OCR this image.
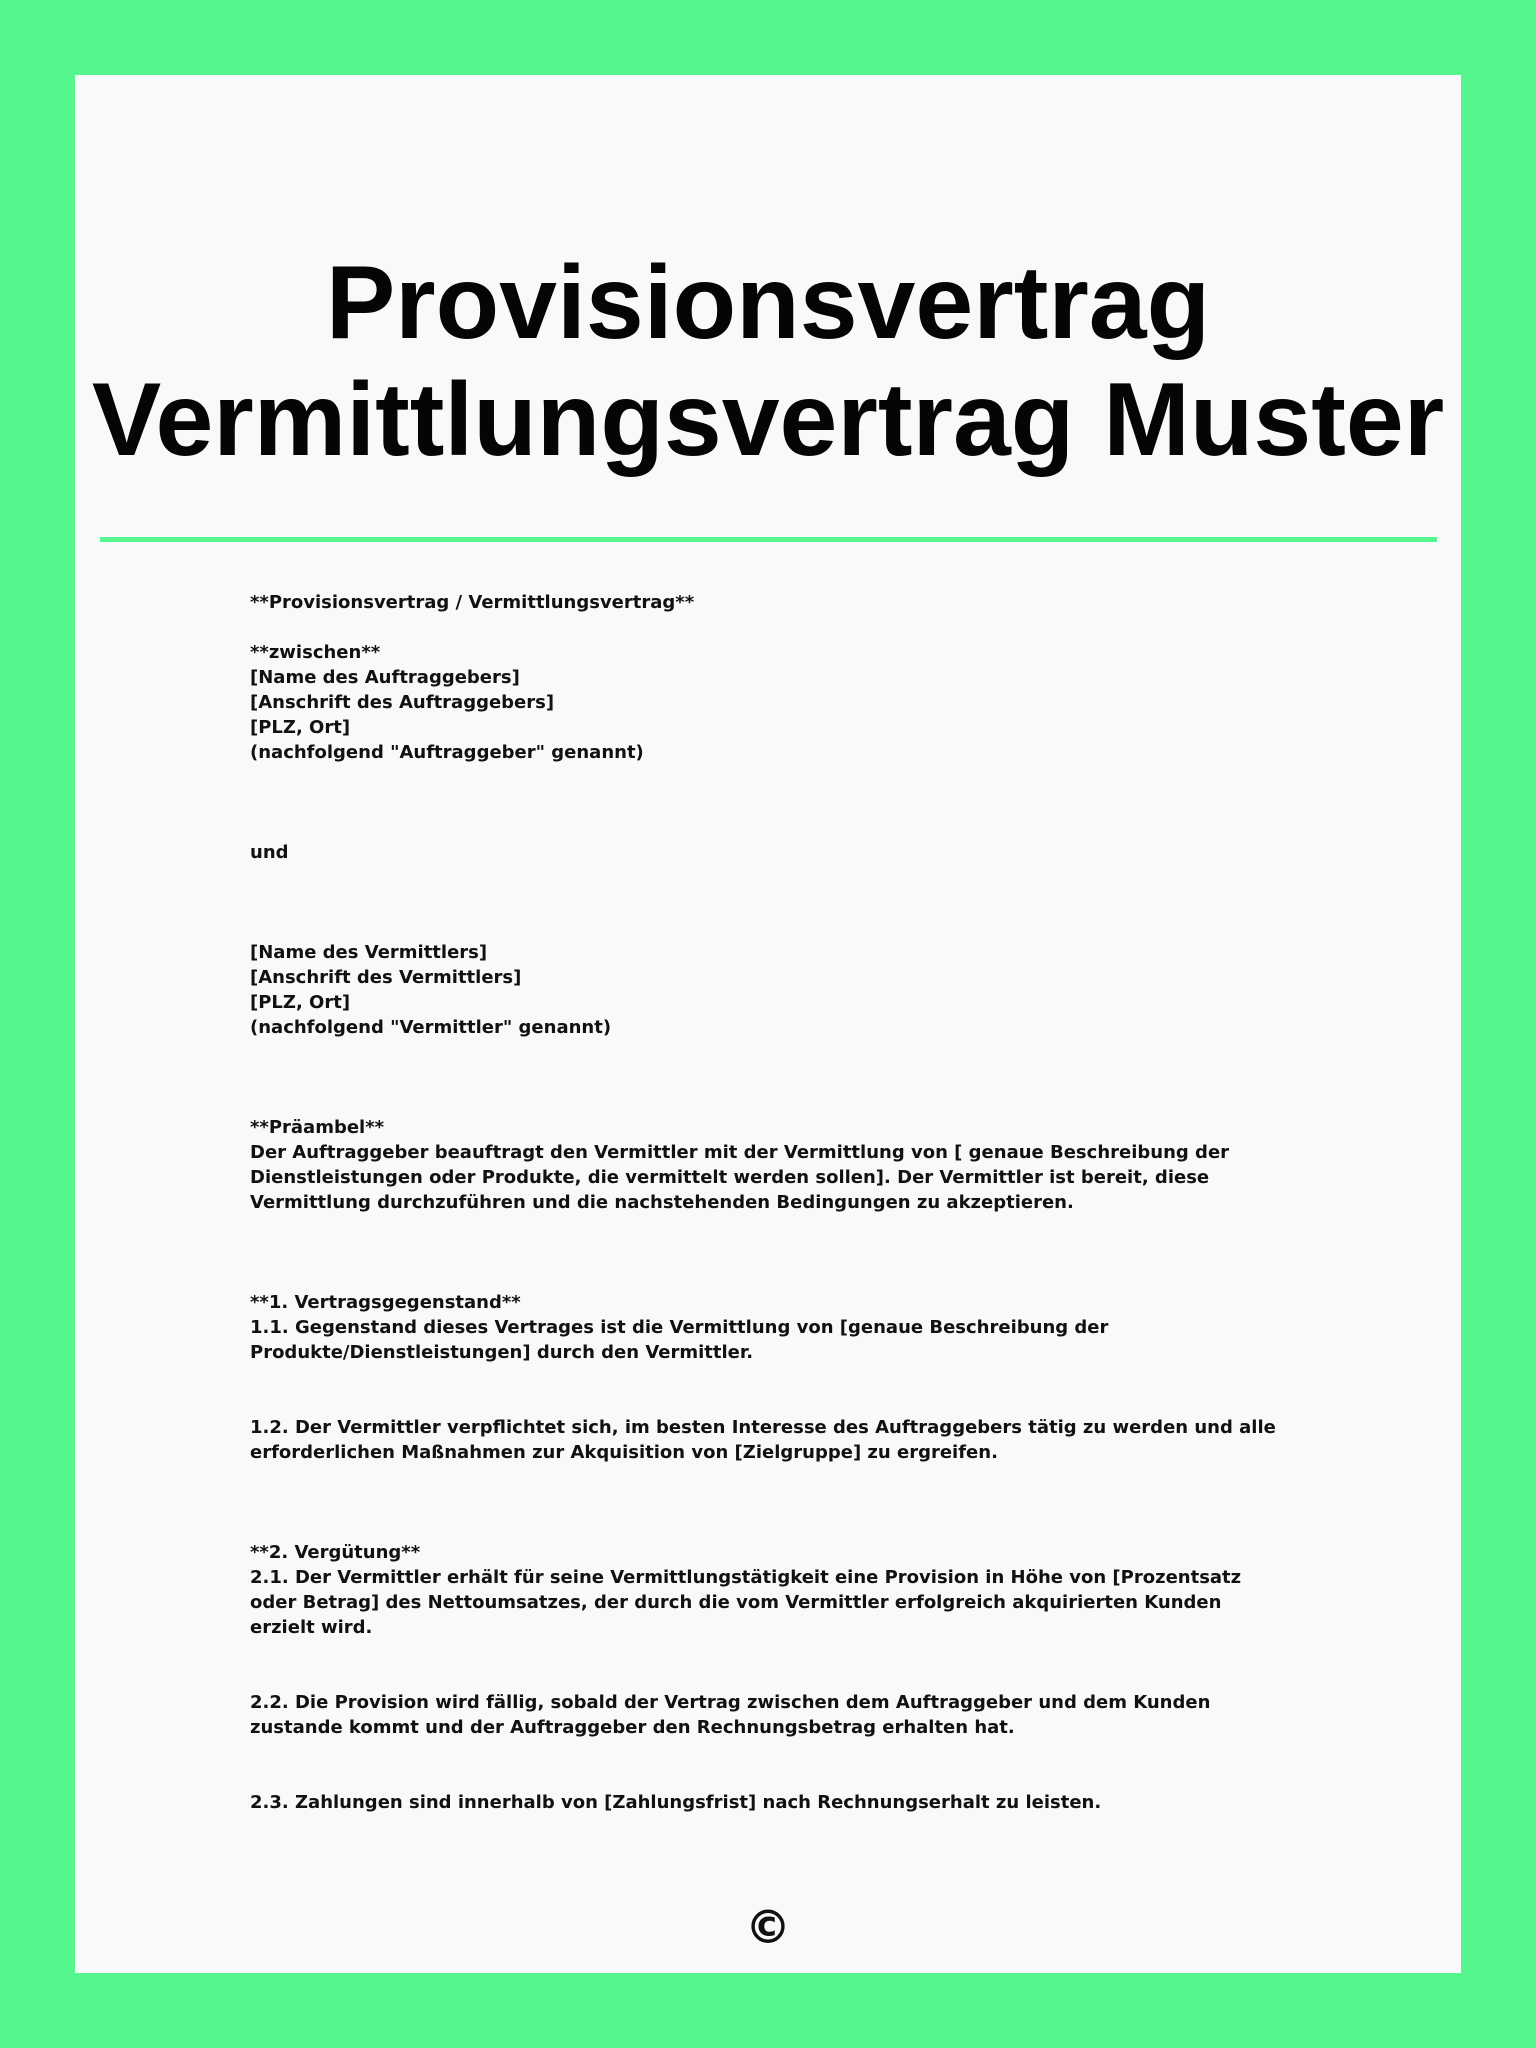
Provisionsvertrag
Vermittlungsvertrag Muster

**Provisionsvertrag / Vermittlungsvertrag**

**zwischen**
[Name des Auftraggebers]
[Anschrift des Auftraggebers]
[PLZ, Ort]
(nachfolgend "Auftraggeber" genannt)

und

[Name des Vermittlers]
[Anschrift des Vermittlers]
[PLZ, Ort]
(nachfolgend "Vermittler" genannt)

**Präambel**
Der Auftraggeber beauftragt den Vermittler mit der Vermittlung von [ genaue Beschreibung der Dienstleistungen oder Produkte, die vermittelt werden sollen]. Der Vermittler ist bereit, diese Vermittlung durchzuführen und die nachstehenden Bedingungen zu akzeptieren.

**1. Vertragsgegenstand**
1.1. Gegenstand dieses Vertrages ist die Vermittlung von [genaue Beschreibung der Produkte/Dienstleistungen] durch den Vermittler.

1.2. Der Vermittler verpflichtet sich, im besten Interesse des Auftraggebers tätig zu werden und alle erforderlichen Maßnahmen zur Akquisition von [Zielgruppe] zu ergreifen.

**2. Vergütung**
2.1. Der Vermittler erhält für seine Vermittlungstätigkeit eine Provision in Höhe von [Prozentsatz oder Betrag] des Nettoumsatzes, der durch die vom Vermittler erfolgreich akquirierten Kunden erzielt wird.

2.2. Die Provision wird fällig, sobald der Vertrag zwischen dem Auftraggeber und dem Kunden zustande kommt und der Auftraggeber den Rechnungsbetrag erhalten hat.

2.3. Zahlungen sind innerhalb von [Zahlungsfrist] nach Rechnungserhalt zu leisten.

©
